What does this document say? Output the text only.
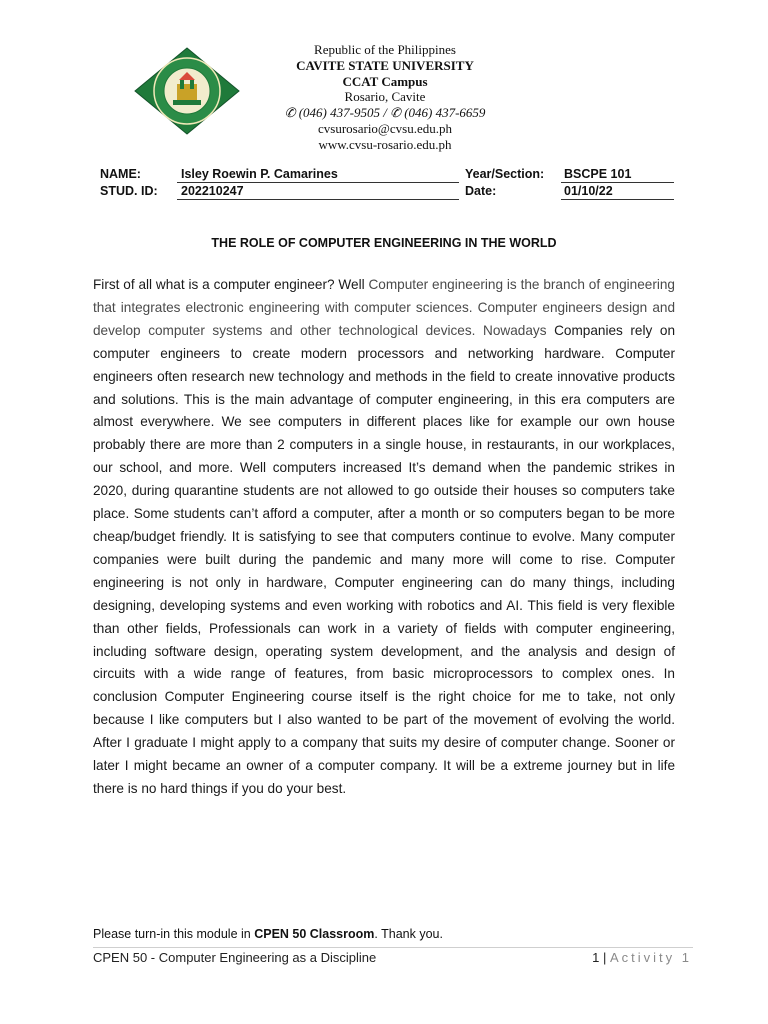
Republic of the Philippines
CAVITE STATE UNIVERSITY
CCAT Campus
Rosario, Cavite
✆ (046) 437-9505 / ✆ (046) 437-6659
cvsurosario@cvsu.edu.ph
www.cvsu-rosario.edu.ph
NAME:	Isley Roewin P. Camarines	Year/Section: BSCPE 101
STUD. ID:	202210247	Date:	01/10/22
THE ROLE OF COMPUTER ENGINEERING IN THE WORLD
First of all what is a computer engineer? Well Computer engineering is the branch of engineering that integrates electronic engineering with computer sciences. Computer engineers design and develop computer systems and other technological devices. Nowadays Companies rely on computer engineers to create modern processors and networking hardware. Computer engineers often research new technology and methods in the field to create innovative products and solutions. This is the main advantage of computer engineering, in this era computers are almost everywhere. We see computers in different places like for example our own house probably there are more than 2 computers in a single house, in restaurants, in our workplaces, our school, and more. Well computers increased It’s demand when the pandemic strikes in 2020, during quarantine students are not allowed to go outside their houses so computers take place. Some students can’t afford a computer, after a month or so computers began to be more cheap/budget friendly. It is satisfying to see that computers continue to evolve. Many computer companies were built during the pandemic and many more will come to rise. Computer engineering is not only in hardware, Computer engineering can do many things, including designing, developing systems and even working with robotics and AI. This field is very flexible than other fields, Professionals can work in a variety of fields with computer engineering, including software design, operating system development, and the analysis and design of circuits with a wide range of features, from basic microprocessors to complex ones. In conclusion Computer Engineering course itself is the right choice for me to take, not only because I like computers but I also wanted to be part of the movement of evolving the world. After I graduate I might apply to a company that suits my desire of computer change. Sooner or later I might became an owner of a computer company. It will be a extreme journey but in life there is no hard things if you do your best.
Please turn-in this module in CPEN 50 Classroom. Thank you.
CPEN 50 - Computer Engineering as a Discipline	1 | Activity 1
